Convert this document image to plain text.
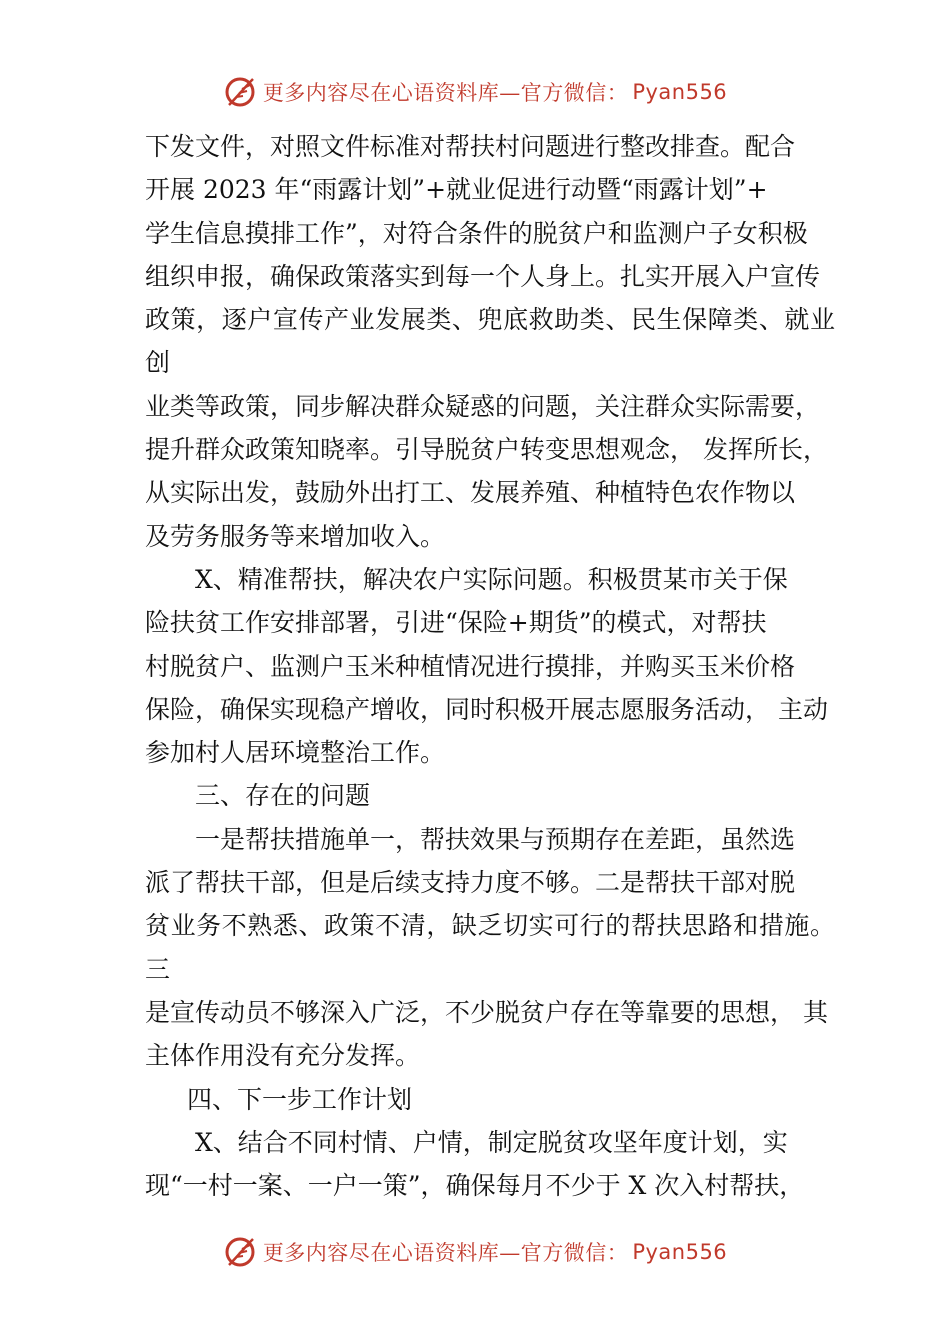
更多内容尽在心语资料库—官方微信： Pyan556

下发文件，对照文件标准对帮扶村问题进行整改排查。配合

开展 2023 年“雨露计划”+就业促进行动暨“雨露计划”+

学生信息摸排工作”，对符合条件的脱贫户和监测户子女积极

组织申报，确保政策落实到每一个人身上。扎实开展入户宣传

政策，逐户宣传产业发展类、兜底救助类、民生保障类、就业创

业类等政策，同步解决群众疑惑的问题，关注群众实际需要，

提升群众政策知晓率。引导脱贫户转变思想观念， 发挥所长，

从实际出发，鼓励外出打工、发展养殖、种植特色农作物以

及劳务服务等来增加收入。

X、精准帮扶，解决农户实际问题。积极贯某市关于保

险扶贫工作安排部署，引进“保险+期货”的模式，对帮扶

村脱贫户、监测户玉米种植情况进行摸排，并购买玉米价格

保险，确保实现稳产增收，同时积极开展志愿服务活动， 主动

参加村人居环境整治工作。

三、存在的问题

一是帮扶措施单一，帮扶效果与预期存在差距，虽然选

派了帮扶干部，但是后续支持力度不够。二是帮扶干部对脱

贫业务不熟悉、政策不清，缺乏切实可行的帮扶思路和措施。三

是宣传动员不够深入广泛，不少脱贫户存在等靠要的思想， 其

主体作用没有充分发挥。

四、下一步工作计划

X、结合不同村情、户情，制定脱贫攻坚年度计划，实

现“一村一案、一户一策”，确保每月不少于 X 次入村帮扶，

更多内容尽在心语资料库—官方微信： Pyan556
